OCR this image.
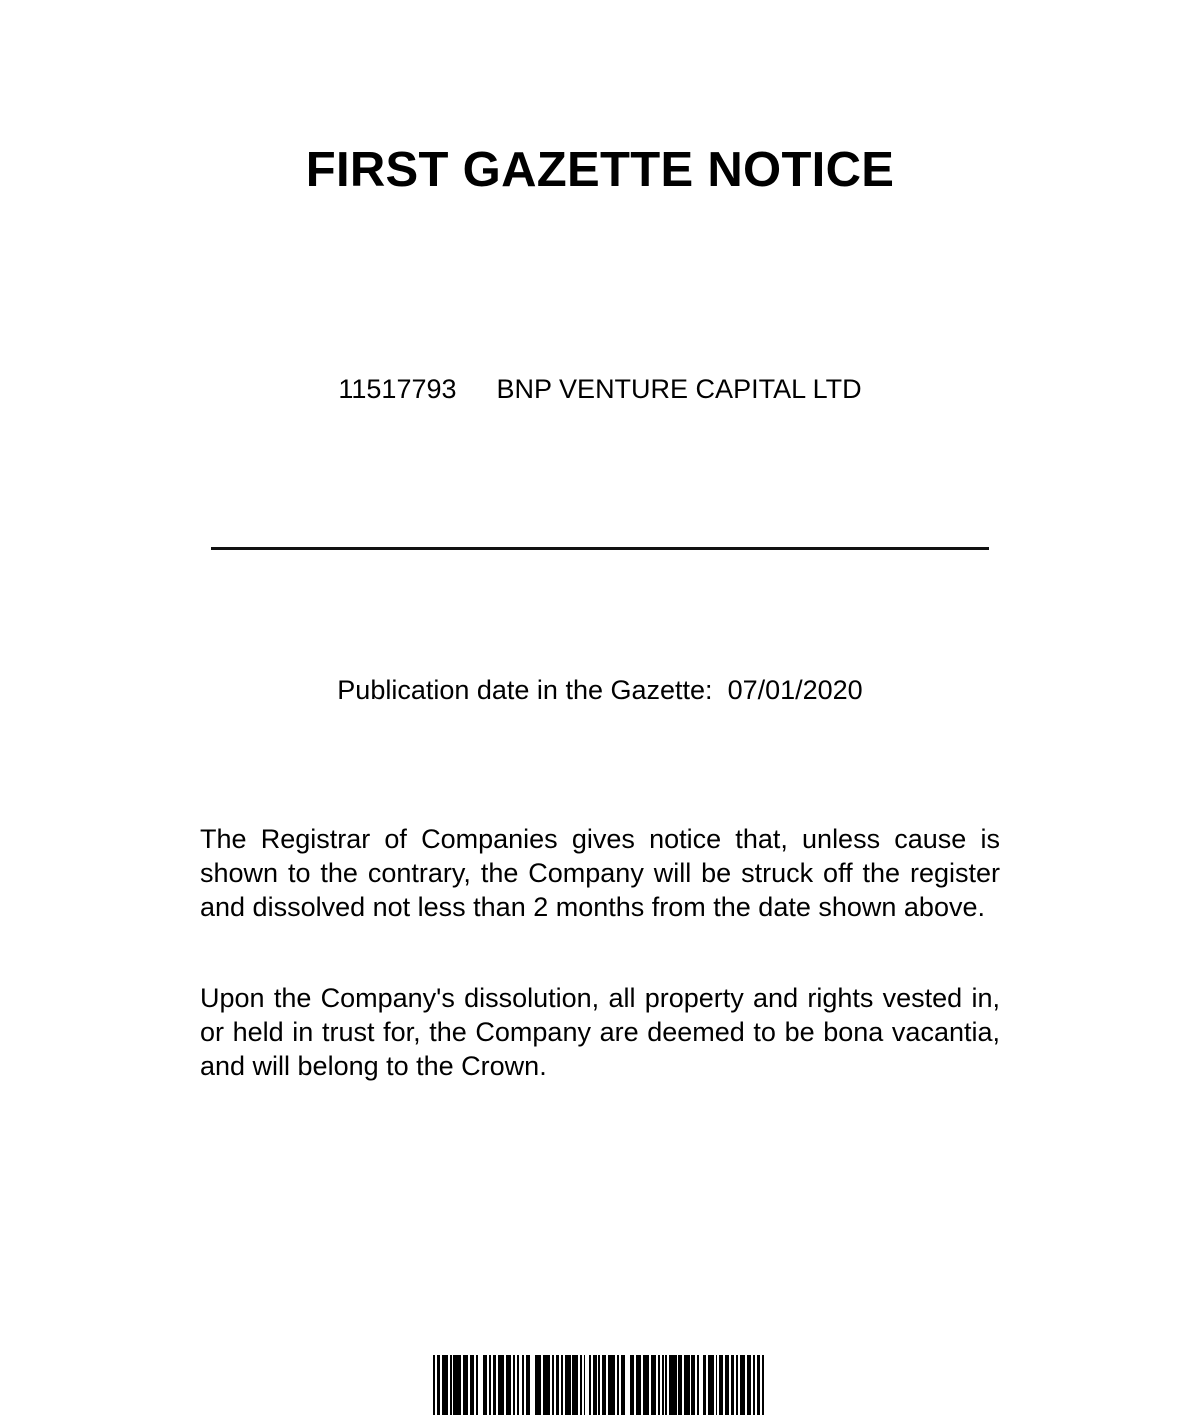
FIRST GAZETTE NOTICE
11517793 BNP VENTURE CAPITAL LTD
Publication date in the Gazette: 07/01/2020
The Registrar of Companies gives notice that, unless cause is shown to the contrary, the Company will be struck off the register and dissolved not less than 2 months from the date shown above.
Upon the Company's dissolution, all property and rights vested in, or held in trust for, the Company are deemed to be bona vacantia, and will belong to the Crown.
